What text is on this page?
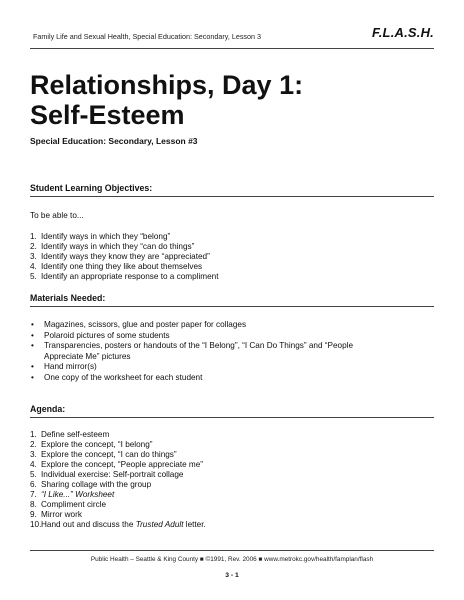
Family Life and Sexual Health, Special Education: Secondary, Lesson 3	F.L.A.S.H.
Relationships, Day 1:
Self-Esteem
Special Education: Secondary, Lesson #3
Student Learning Objectives:
To be able to...
1. Identify ways in which they “belong”
2. Identify ways in which they “can do things”
3. Identify ways they know they are “appreciated”
4. Identify one thing they like about themselves
5. Identify an appropriate response to a compliment
Materials Needed:
• Magazines, scissors, glue and poster paper for collages
• Polaroid pictures of some students
• Transparencies, posters or handouts of the “I Belong”, “I Can Do Things” and “People Appreciate Me” pictures
• Hand mirror(s)
• One copy of the worksheet for each student
Agenda:
1. Define self-esteem
2. Explore the concept, “I belong”
3. Explore the concept, “I can do things”
4. Explore the concept, “People appreciate me”
5. Individual exercise: Self-portrait collage
6. Sharing collage with the group
7. “I Like...” Worksheet
8. Compliment circle
9. Mirror work
10. Hand out and discuss the Trusted Adult letter.
Public Health – Seattle & King County ■ ©1991, Rev. 2006 ■ www.metrokc.gov/health/famplan/flash
3 - 1
